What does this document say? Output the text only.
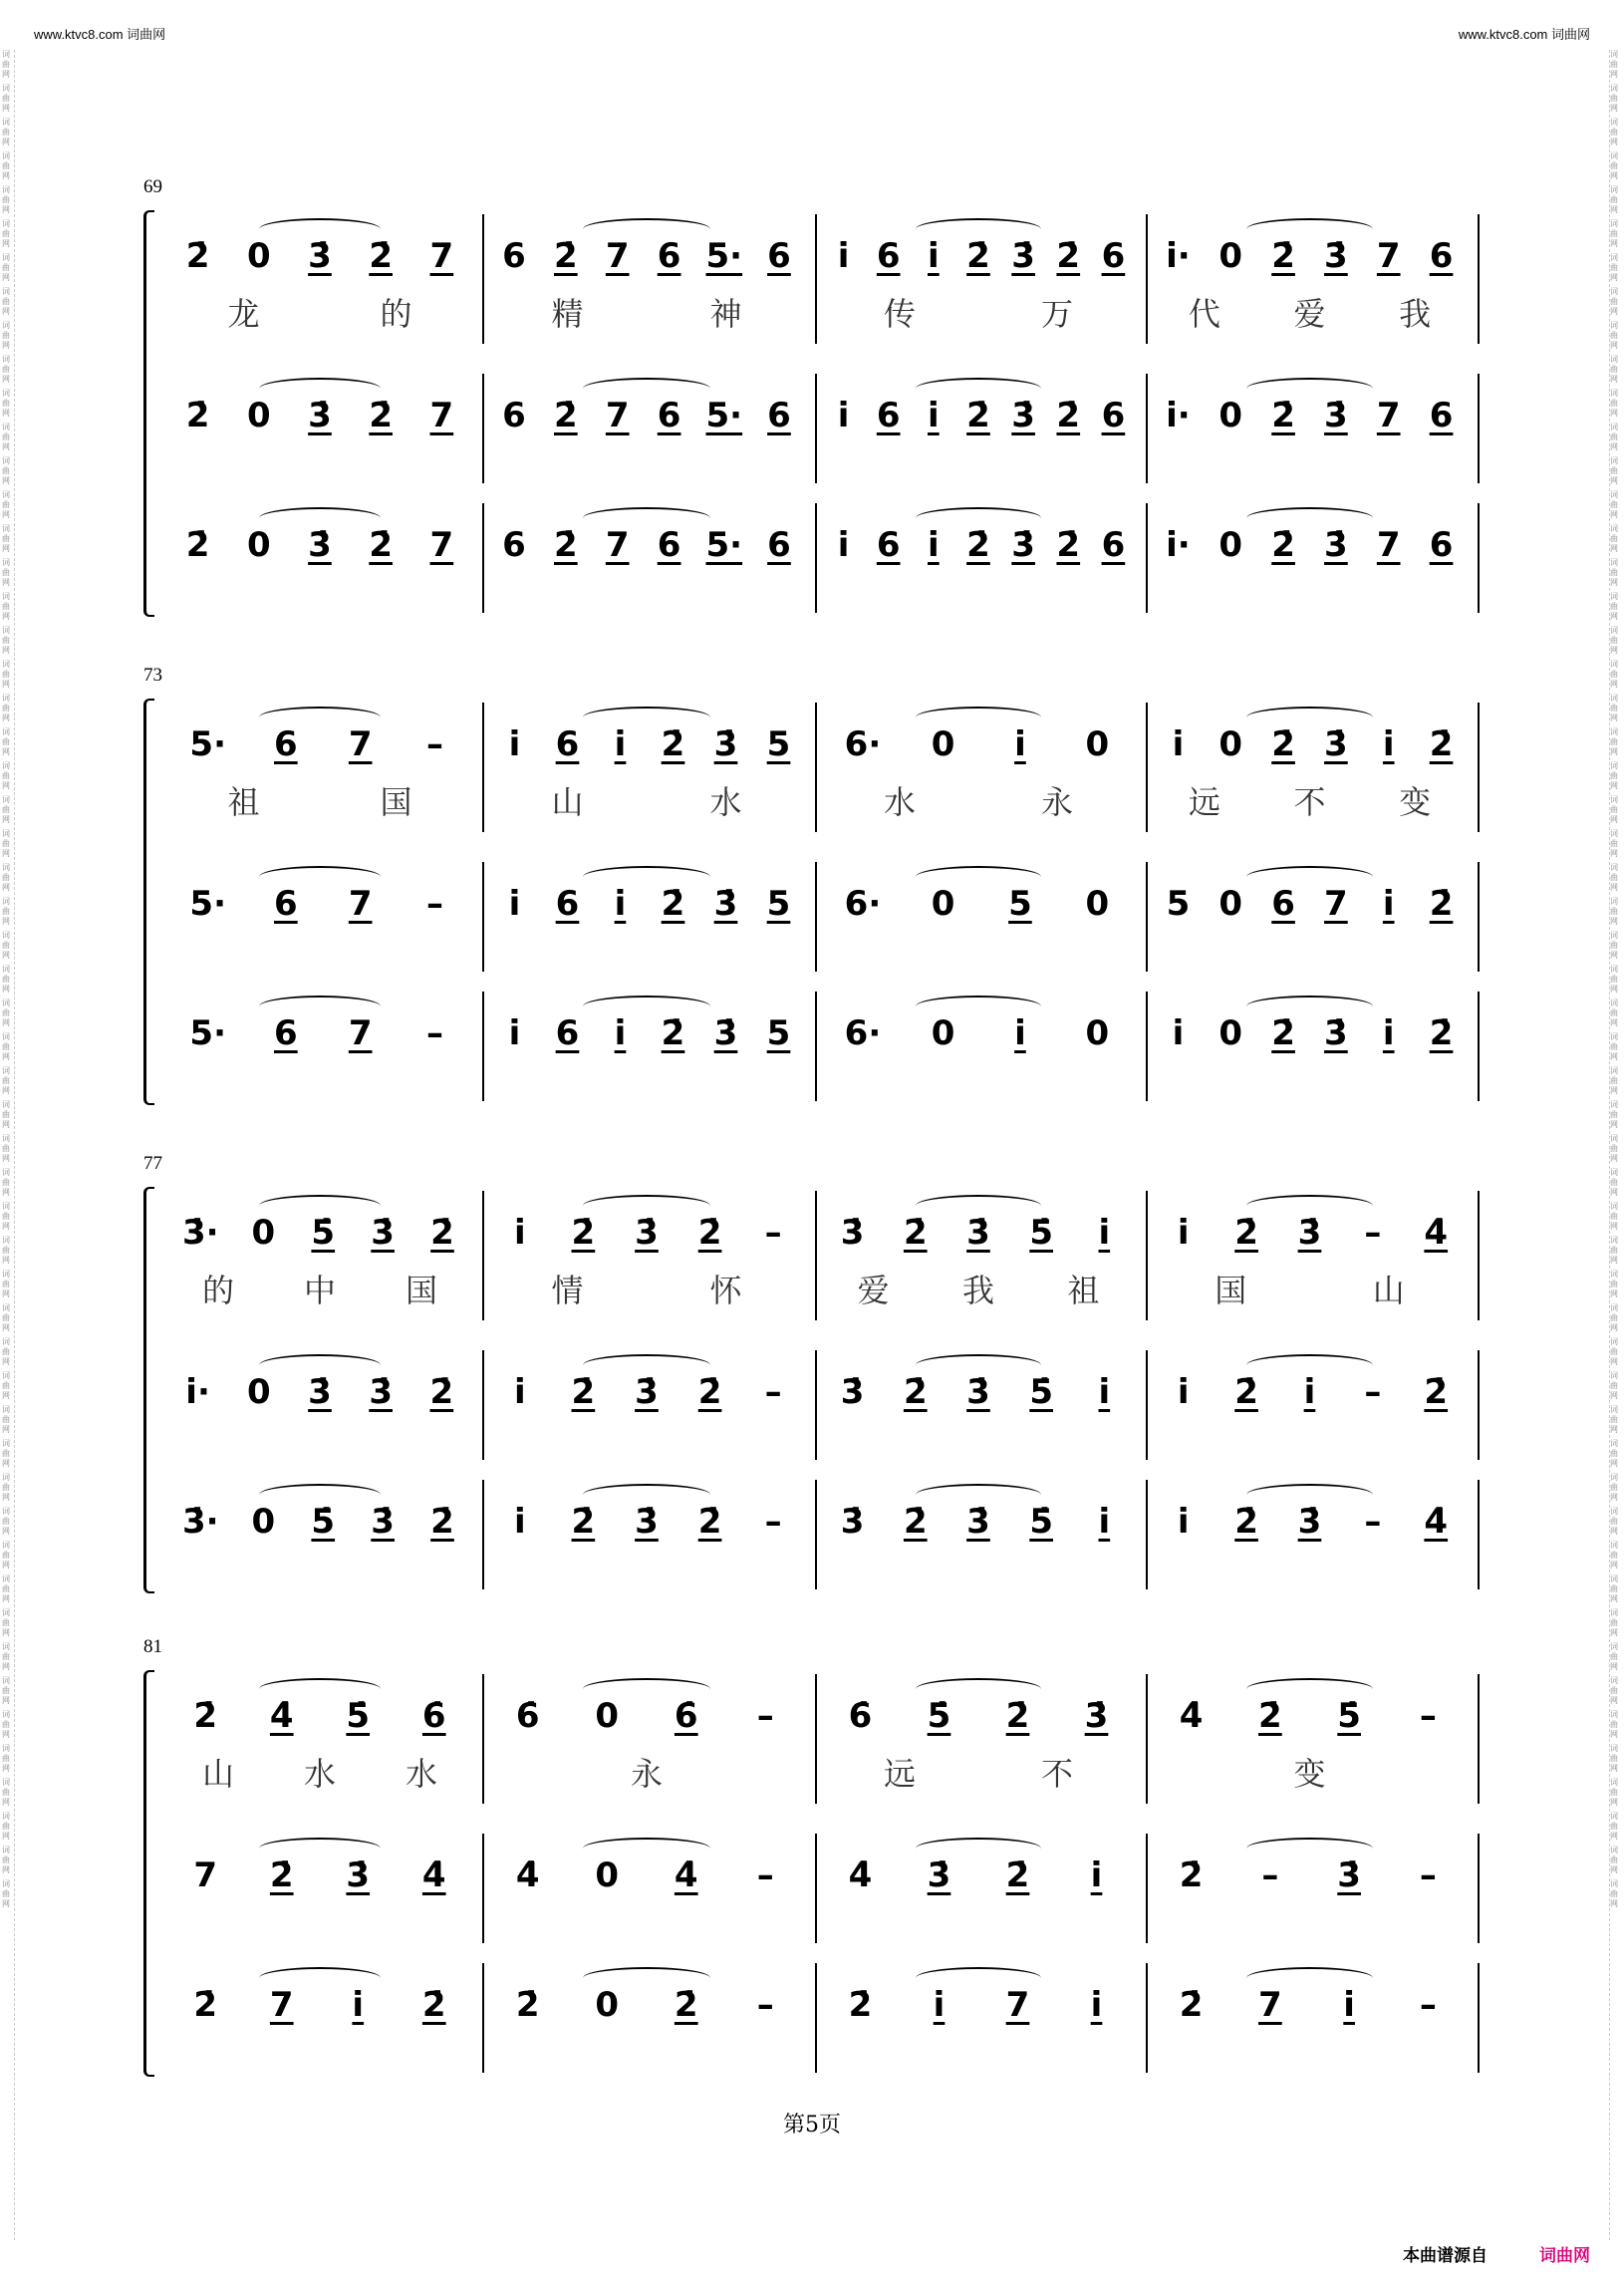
www.ktvc8.com 词曲网	www.ktvc8.com 词曲网
词曲网
词曲网
词曲网
词曲网
词曲网
词曲网
词曲网
词曲网
词曲网
词曲网
词曲网
词曲网
词曲网
词曲网
词曲网
词曲网
词曲网
词曲网
词曲网
词曲网
词曲网
词曲网
词曲网
词曲网
词曲网
词曲网
词曲网
词曲网
词曲网
词曲网
词曲网
词曲网
词曲网
词曲网
词曲网
词曲网
词曲网
词曲网
词曲网
词曲网
词曲网
词曲网
词曲网
词曲网
词曲网
词曲网
词曲网
词曲网
词曲网
词曲网
词曲网
词曲网
词曲网
词曲网
词曲网
词曲网
词曲网
词曲网
词曲网
词曲网
词曲网
词曲网
词曲网
词曲网
词曲网
词曲网
词曲网
词曲网
词曲网
词曲网
词曲网
词曲网
词曲网
词曲网
词曲网
词曲网
词曲网
词曲网
词曲网
词曲网
词曲网
词曲网
词曲网
词曲网
词曲网
词曲网
词曲网
词曲网
词曲网
词曲网
词曲网
词曲网
词曲网
词曲网
词曲网
词曲网
词曲网
词曲网
词曲网
词曲网
词曲网
词曲网
词曲网
词曲网
词曲网
词曲网
词曲网
词曲网
词曲网
词曲网
69
2̇ 0 3̇ 2̇ 7
龙	的
6 2̇ 7 6 5· 6
精	神
i 6 i 2̇ 3̇ 2̇ 6
传	万
i· 0 2̇ 3̇ 7 6
代 爱 我
2̇ 0 3̇ 2̇ 7 6 2̇ 7 6 5· 6 i 6 i 2̇ 3̇ 2̇ 6 i· 0 2̇ 3̇ 7 6
2̇ 0 3̇ 2̇ 7 6 2̇ 7 6 5· 6 i 6 i 2̇ 3̇ 2̇ 6 i· 0 2̇ 3̇ 7 6
73
5· 6 7 –
祖	国
i 6 i 2̇ 3̇ 5
山	水
6· 0 i 0
水	永
i 0 2̇ 3̇ i 2̇
远 不 变
5· 6 7 – i 6 i 2̇ 3̇ 5 6· 0 5 0 5 0 6 7 i 2̇
5· 6 7 – i 6 i 2̇ 3̇ 5 6· 0 i 0 i 0 2̇ 3̇ i 2̇
77
3̇· 0 5̇ 3̇ 2̇
的 中 国
i 2̇ 3̇ 2̇ –
情	怀
3̇ 2̇ 3̇ 5̇ i
爱 我 祖
i 2̇ 3̇ – 4̇
国	山
i· 0 3̇ 3̇ 2̇ i 2̇ 3̇ 2̇ – 3̇ 2̇ 3̇ 5̇ i i 2̇ i – 2̇
3̇· 0 5̇ 3̇ 2̇ i 2̇ 3̇ 2̇ – 3̇ 2̇ 3̇ 5̇ i i 2̇ 3̇ – 4̇
81
2̇ 4̇ 5̇ 6̇
山 水 水
6̇ 0 6̇ –
永
6̇ 5̇ 2̇ 3̇
远	不
4̇ 2̇ 5̇ –
变
7 2̇ 3̇ 4̇ 4̇ 0 4̇ – 4̇ 3̇ 2̇ i 2̇ – 3̇ –
2̇ 7 i 2̇ 2̇ 0 2̇ – 2̇ i 7 i 2̇ 7 i –
第5页
本曲谱源自	词曲网
